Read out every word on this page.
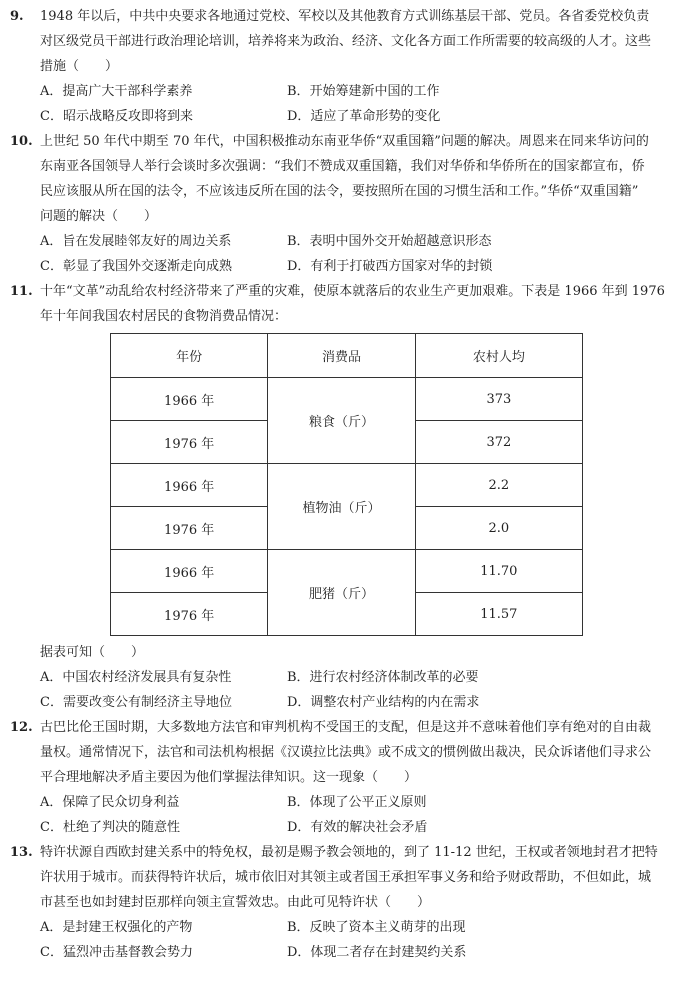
9.	1948 年以后，中共中央要求各地通过党校、军校以及其他教育方式训练基层干部、党员。各省委党校负责
对区级党员干部进行政治理论培训，培养将来为政治、经济、文化各方面工作所需要的较高级的人才。这些
措施（　　）
A．提高广大干部科学素养	B．开始筹建新中国的工作
C．昭示战略反攻即将到来	D．适应了革命形势的变化
10. 上世纪 50 年代中期至 70 年代，中国积极推动东南亚华侨“双重国籍”问题的解决。周恩来在同来华访问的
东南亚各国领导人举行会谈时多次强调：“我们不赞成双重国籍，我们对华侨和华侨所在的国家都宣布，侨
民应该服从所在国的法令，不应该违反所在国的法令，要按照所在国的习惯生活和工作。”华侨“双重国籍”
问题的解决（　　）
A．旨在发展睦邻友好的周边关系	B．表明中国外交开始超越意识形态
C．彰显了我国外交逐渐走向成熟	D．有利于打破西方国家对华的封锁
11. 十年“文革”动乱给农村经济带来了严重的灾难，使原本就落后的农业生产更加艰难。下表是 1966 年到 1976
年十年间我国农村居民的食物消费品情况：
年份	消费品	农村人均
1966 年	粮食（斤）	373
1976 年		372
1966 年	植物油（斤）	2.2
1976 年		2.0
1966 年	肥猪（斤）	11.70
1976 年		11.57
据表可知（　　）
A．中国农村经济发展具有复杂性	B．进行农村经济体制改革的必要
C．需要改变公有制经济主导地位	D．调整农村产业结构的内在需求
12. 古巴比伦王国时期，大多数地方法官和审判机构不受国王的支配，但是这并不意味着他们享有绝对的自由裁
量权。通常情况下，法官和司法机构根据《汉谟拉比法典》或不成文的惯例做出裁决，民众诉诸他们寻求公
平合理地解决矛盾主要因为他们掌握法律知识。这一现象（　　）
A．保障了民众切身利益	B．体现了公平正义原则
C．杜绝了判决的随意性	D．有效的解决社会矛盾
13. 特许状源自西欧封建关系中的特免权，最初是赐予教会领地的，到了 11-12 世纪，王权或者领地封君才把特
许状用于城市。而获得特许状后，城市依旧对其领主或者国王承担军事义务和给予财政帮助，不但如此，城
市甚至也如封建封臣那样向领主宣誓效忠。由此可见特许状（　　）
A．是封建王权强化的产物	B．反映了资本主义萌芽的出现
C．猛烈冲击基督教会势力	D．体现二者存在封建契约关系
